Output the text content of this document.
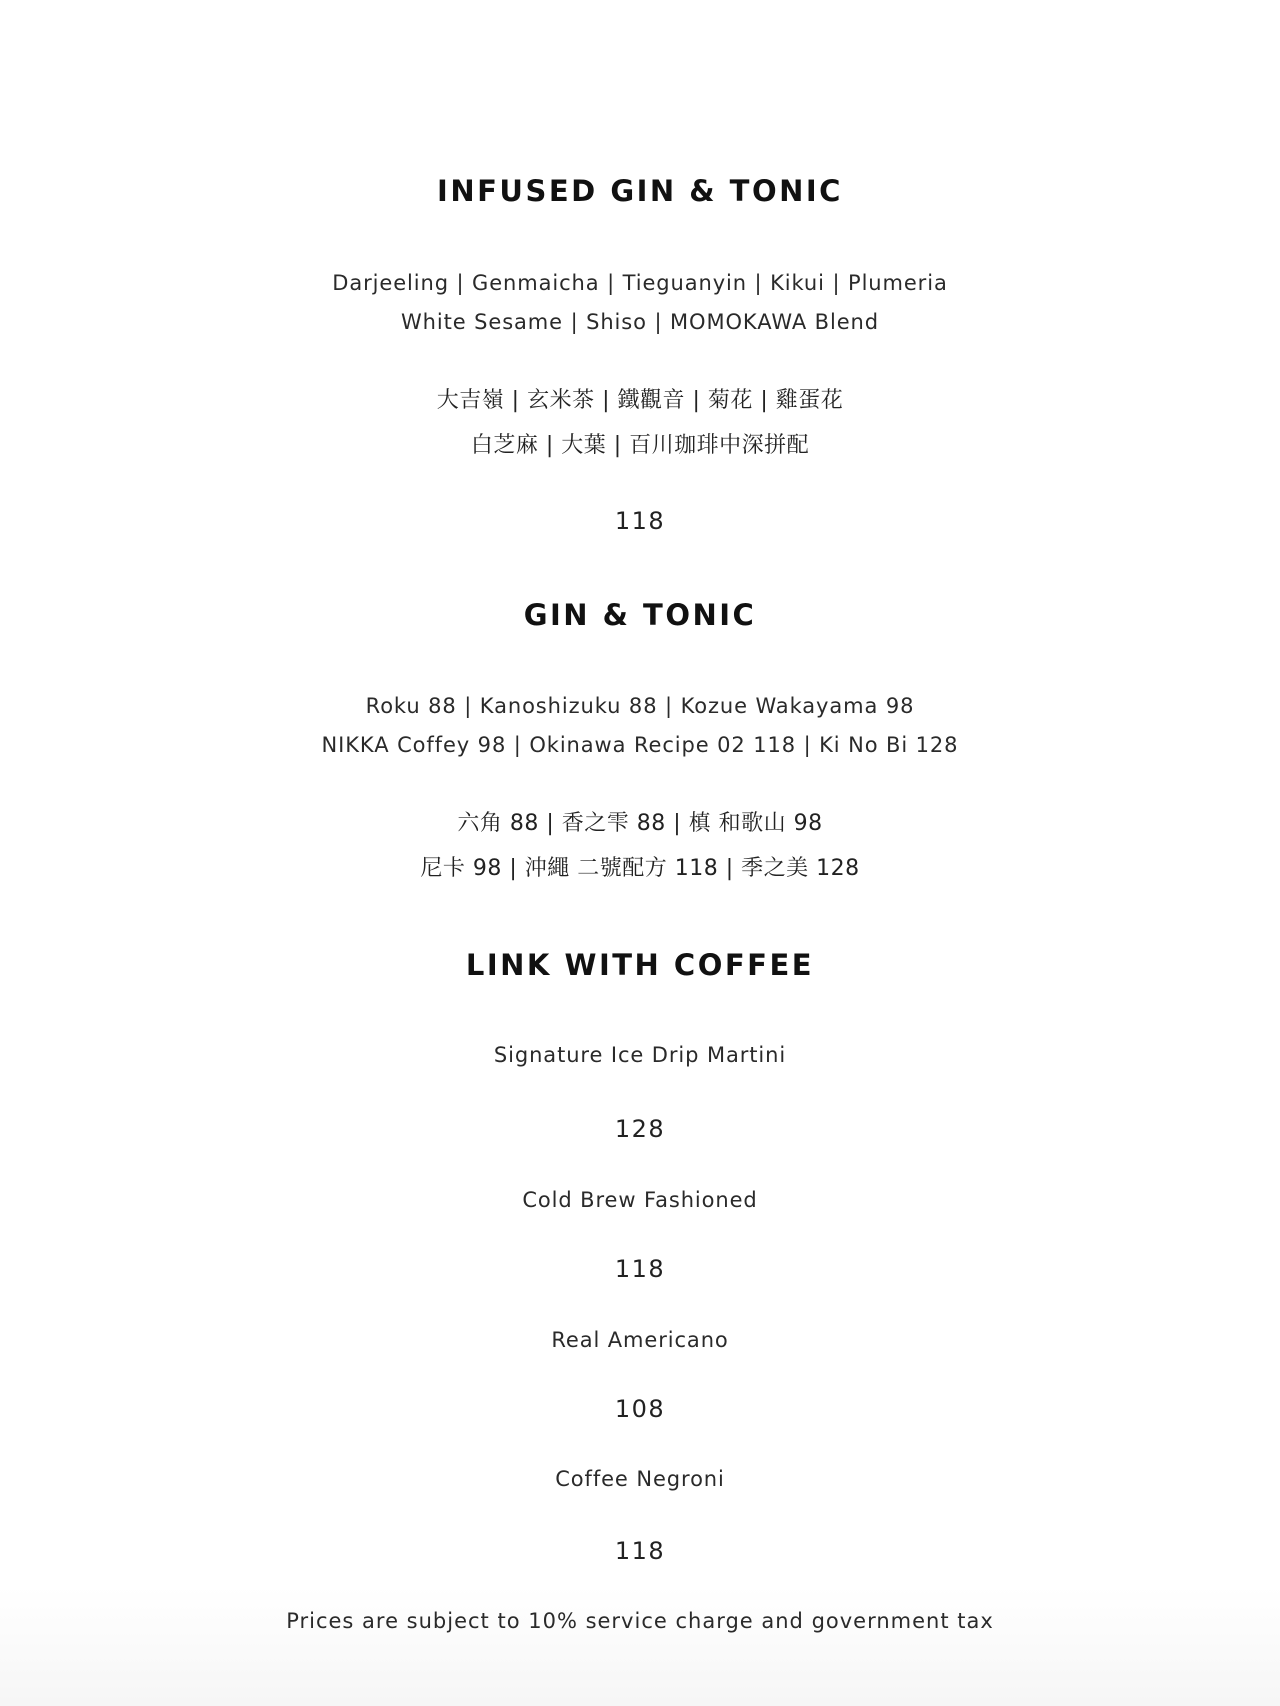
INFUSED GIN & TONIC
Darjeeling | Genmaicha | Tieguanyin | Kikui | Plumeria
White Sesame | Shiso | MOMOKAWA Blend
大吉嶺 | 玄米茶 | 鐵觀音 | 菊花 | 雞蛋花
白芝麻 | 大葉 | 百川珈琲中深拼配
118
GIN & TONIC
Roku 88 | Kanoshizuku 88 | Kozue Wakayama 98
NIKKA Coffey 98 | Okinawa Recipe 02 118 | Ki No Bi 128
六角 88 | 香之雫 88 | 槙 和歌山 98
尼卡 98 | 沖繩 二號配方 118 | 季之美 128
LINK WITH COFFEE
Signature Ice Drip Martini
128
Cold Brew Fashioned
118
Real Americano
108
Coffee Negroni
118
Prices are subject to 10% service charge and government tax
